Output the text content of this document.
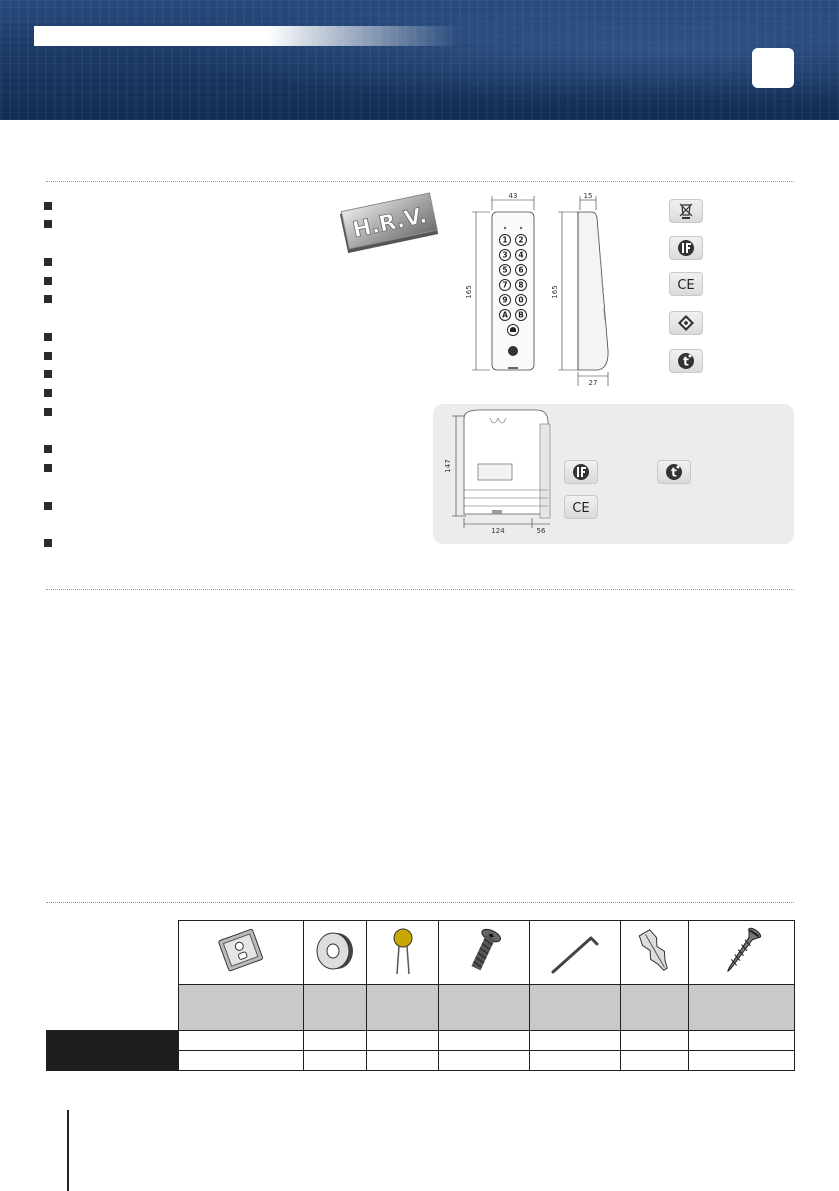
H.R.V.
43
165
1 2
3 4
5 6
7 8
9 0
A B
15
165
27
CE
t
147
124	56
t
CE
